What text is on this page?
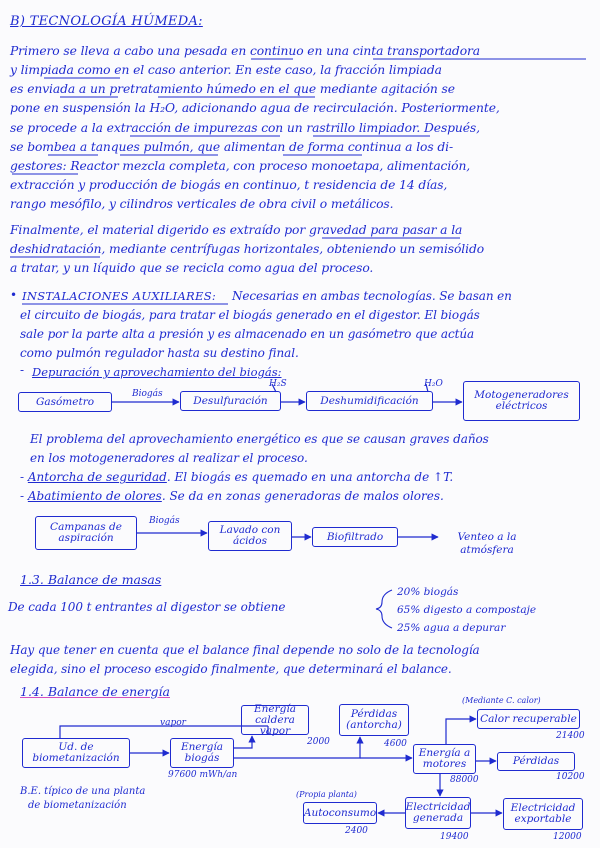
B) TECNOLOGÍA HÚMEDA:
Primero se lleva a cabo una pesada en continuo en una cinta transportadora
y limpiada como en el caso anterior. En este caso, la fracción limpiada
es enviada a un pretratamiento húmedo en el que mediante agitación se
pone en suspensión la H₂O, adicionando agua de recirculación. Posteriormente,
se procede a la extracción de impurezas con un rastrillo limpiador. Después,
se bombea a tanques pulmón, que alimentan de forma continua a los di-
gestores: Reactor mezcla completa, con proceso monoetapa, alimentación,
extracción y producción de biogás en continuo, t residencia de 14 días,
rango mesófilo, y cilindros verticales de obra civil o metálicos.
Finalmente, el material digerido es extraído por gravedad para pasar a la
deshidratación, mediante centrífugas horizontales, obteniendo un semisólido
a tratar, y un líquido que se recicla como agua del proceso.
• INSTALACIONES AUXILIARES: Necesarias en ambas tecnologías. Se basan en
el circuito de biogás, para tratar el biogás generado en el digestor. El biogás
sale por la parte alta a presión y es almacenado en un gasómetro que actúa
como pulmón regulador hasta su destino final.
- Depuración y aprovechamiento del biogás:
Gasómetro	Desulfuración	Deshumidificación	Motogeneradores eléctricos
Biogás
H₂S	H₂O
El problema del aprovechamiento energético es que se causan graves daños
en los motogeneradores al realizar el proceso.
- Antorcha de seguridad. El biogás es quemado en una antorcha de ↑T.
- Abatimiento de olores. Se da en zonas generadoras de malos olores.
Campanas de aspiración
Lavado con ácidos	Biofiltrado
Biogás
Venteo a la atmósfera
1.3. Balance de masas
De cada 100 t entrantes al digestor se obtiene
20% biogás
65% digesto a compostaje
25% agua a depurar
Hay que tener en cuenta que el balance final depende no solo de la tecnología
elegida, sino el proceso escogido finalmente, que determinará el balance.
1.4. Balance de energía
Ud. de biometanización
Energía biogás
Energía caldera vapor
Pérdidas (antorcha)
Energía a motores
Calor recuperable
Pérdidas
Autoconsumo	Electricidad generada
Electricidad exportable
vapor
(Mediante C. calor)
(Propia planta)
97600 mWh/an
2000	4600
88000
21400
10200
2400
19400	12000
B.E. típico de una planta
de biometanización
